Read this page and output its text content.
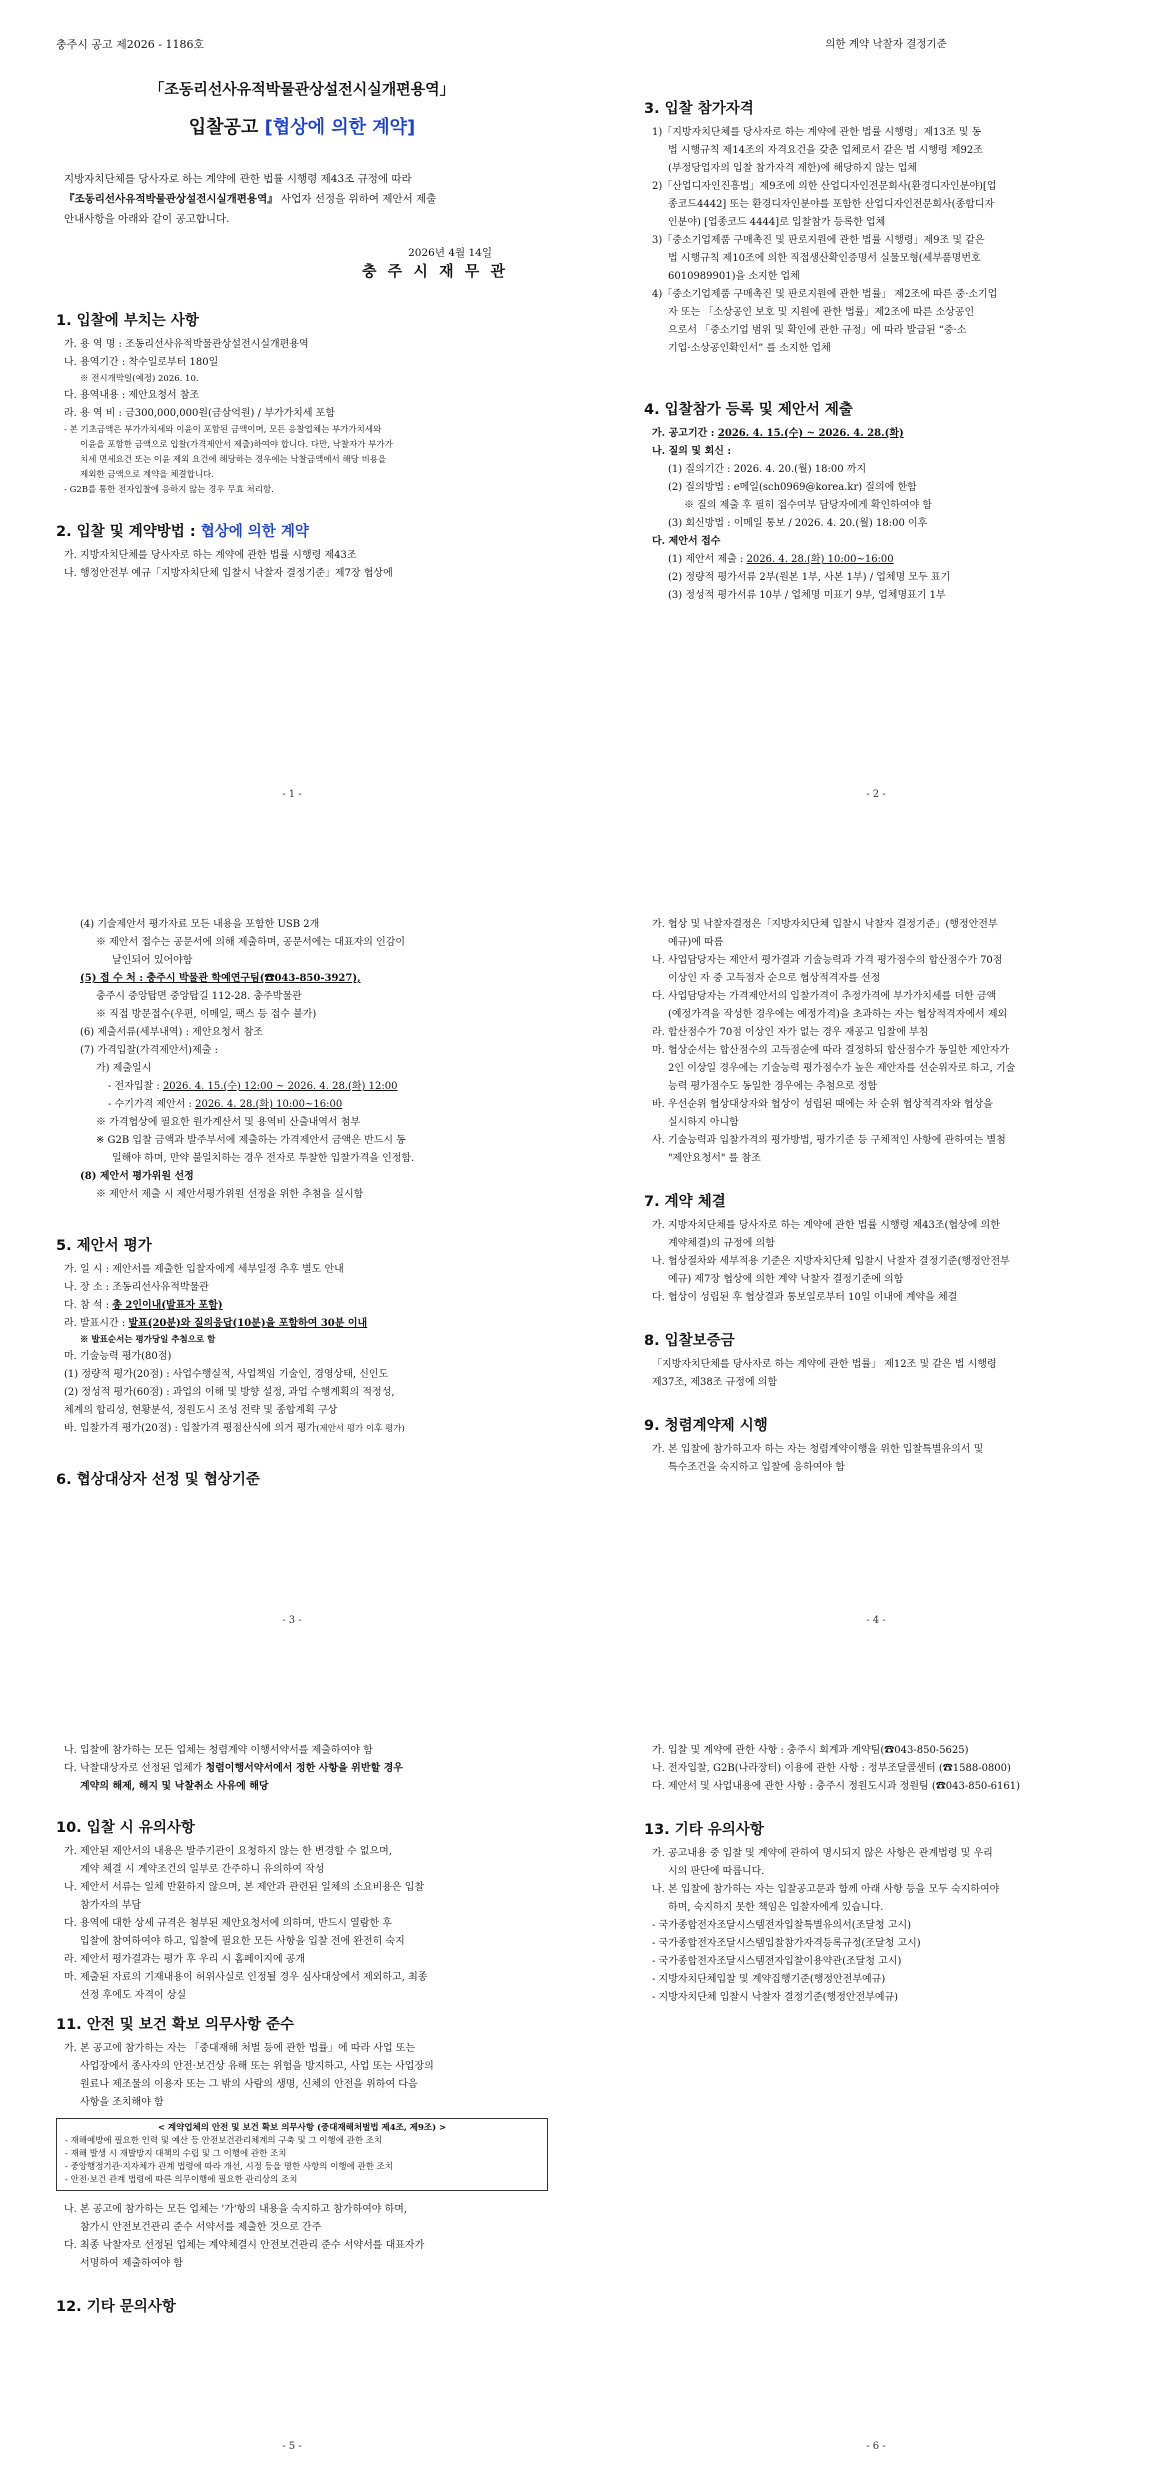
충주시 공고 제2026 - 1186호
「조동리선사유적박물관상설전시실개편용역」
입찰공고 [협상에 의한 계약]
지방자치단체를 당사자로 하는 계약에 관한 법률 시행령 제43조 규정에 따라
『조동리선사유적박물관상설전시실개편용역』 사업자 선정을 위하여 제안서 제출
안내사항을 아래와 같이 공고합니다.
2026년 4월 14일
충 주 시 재 무 관
1. 입찰에 부치는 사항
가. 용 역 명 : 조동리선사유적박물관상설전시실개편용역
나. 용역기간 : 착수일로부터 180일
※ 전시개막일(예정) 2026. 10.
다. 용역내용 : 제안요청서 참조
라. 용 역 비 : 금300,000,000원(금삼억원) / 부가가치세 포함
- 본 기초금액은 부가가치세와 이윤이 포함된 금액이며, 모든 응찰업체는 부가가치세와
이윤을 포함한 금액으로 입찰(가격제안서 제출)하여야 합니다. 다만, 낙찰자가 부가가
치세 면세요건 또는 이윤 제외 요건에 해당하는 경우에는 낙찰금액에서 해당 비용을
제외한 금액으로 계약을 체결합니다.
- G2B를 통한 전자입찰에 응하지 않는 경우 무효 처리함.
2. 입찰 및 계약방법 : 협상에 의한 계약
가. 지방자치단체를 당사자로 하는 계약에 관한 법률 시행령 제43조
나. 행정안전부 예규「지방자치단체 입찰시 낙찰자 결정기준」제7장 협상에
- 1 -
의한 계약 낙찰자 결정기준
3. 입찰 참가자격
1)「지방자치단체를 당사자로 하는 계약에 관한 법률 시행령」제13조 및 동
법 시행규칙 제14조의 자격요건을 갖춘 업체로서 같은 법 시행령 제92조
(부정당업자의 입찰 참가자격 제한)에 해당하지 않는 업체
2)「산업디자인진흥법」제9조에 의한 산업디자인전문회사(환경디자인분야)[업
종코드4442] 또는 환경디자인분야를 포함한 산업디자인전문회사(종합디자
인분야) [업종코드 4444]로 입찰참가 등록한 업체
3)「중소기업제품 구매촉진 및 판로지원에 관한 법률 시행령」제9조 및 같은
법 시행규칙 제10조에 의한 직접생산확인증명서 실물모형(세부품명번호
6010989901)을 소지한 업체
4)「중소기업제품 구매촉진 및 판로지원에 관한 법률」 제2조에 따른 중·소기업
자 또는 「소상공인 보호 및 지원에 관한 법률」제2조에 따른 소상공인
으로서 「중소기업 범위 및 확인에 관한 규정」에 따라 발급된 “중·소
기업·소상공인확인서” 를 소지한 업체
4. 입찰참가 등록 및 제안서 제출
가. 공고기간 : 2026. 4. 15.(수) ~ 2026. 4. 28.(화)
나. 질의 및 회신 :
(1) 질의기간 : 2026. 4. 20.(월) 18:00 까지
(2) 질의방법 : e메일(sch0969@korea.kr) 질의에 한함
※ 질의 제출 후 필히 접수여부 담당자에게 확인하여야 함
(3) 회신방법 : 이메일 통보 / 2026. 4. 20.(월) 18:00 이후
다. 제안서 접수
(1) 제안서 제출 : 2026. 4. 28.(화) 10:00~16:00
(2) 정량적 평가서류 2부(원본 1부, 사본 1부) / 업체명 모두 표기
(3) 정성적 평가서류 10부 / 업체명 미표기 9부, 업체명표기 1부
- 2 -
(4) 기술제안서 평가자료 모든 내용을 포함한 USB 2개
※ 제안서 접수는 공문서에 의해 제출하며, 공문서에는 대표자의 인감이
날인되어 있어야함
(5) 접 수 처 : 충주시 박물관 학예연구팀(☎043-850-3927),
충주시 중앙탑면 중앙탑길 112-28. 충주박물관
※ 직접 방문접수(우편, 이메일, 팩스 등 접수 불가)
(6) 제출서류(세부내역) : 제안요청서 참조
(7) 가격입찰(가격제안서)제출 :
가) 제출일시
- 전자입찰 : 2026. 4. 15.(수) 12:00 ~ 2026. 4. 28.(화) 12:00
- 수기가격 제안서 : 2026. 4. 28.(화) 10:00~16:00
※ 가격협상에 필요한 원가계산서 및 용역비 산출내역서 첨부
※ G2B 입찰 금액과 발주부서에 제출하는 가격제안서 금액은 반드시 동
일해야 하며, 만약 불일치하는 경우 전자로 투찰한 입찰가격을 인정함.
(8) 제안서 평가위원 선정
※ 제안서 제출 시 제안서평가위원 선정을 위한 추첨을 실시함
5. 제안서 평가
가. 일 시 : 제안서를 제출한 입찰자에게 세부일정 추후 별도 안내
나. 장 소 : 조동리선사유적박물관
다. 참 석 : 총 2인이내(발표자 포함)
라. 발표시간 : 발표(20분)와 질의응답(10분)을 포함하여 30분 이내
※ 발표순서는 평가당일 추첨으로 함
마. 기술능력 평가(80점)
(1) 정량적 평가(20점) : 사업수행실적, 사업책임 기술인, 경영상태, 신인도
(2) 정성적 평가(60점) : 과업의 이해 및 방향 설정, 과업 수행계획의 적정성,
체계의 합리성, 현황분석, 정원도시 조성 전략 및 종합계획 구상
바. 입찰가격 평가(20점) : 입찰가격 평점산식에 의거 평가(제안서 평가 이후 평가)
6. 협상대상자 선정 및 협상기준
- 3 -
가. 협상 및 낙찰자결정은「지방자치단체 입찰시 낙찰자 결정기준」(행정안전부
예규)에 따름
나. 사업담당자는 제안서 평가결과 기술능력과 가격 평가점수의 합산점수가 70점
이상인 자 중 고득점자 순으로 협상적격자를 선정
다. 사업담당자는 가격제안서의 입찰가격이 추정가격에 부가가치세를 더한 금액
(예정가격을 작성한 경우에는 예정가격)을 초과하는 자는 협상적격자에서 제외
라. 합산점수가 70점 이상인 자가 없는 경우 재공고 입찰에 부침
마. 협상순서는 합산점수의 고득점순에 따라 결정하되 합산점수가 동일한 제안자가
2인 이상일 경우에는 기술능력 평가점수가 높은 제안자를 선순위자로 하고, 기술
능력 평가점수도 동일한 경우에는 추첨으로 정함
바. 우선순위 협상대상자와 협상이 성립된 때에는 차 순위 협상적격자와 협상을
실시하지 아니함
사. 기술능력과 입찰가격의 평가방법, 평가기준 등 구체적인 사항에 관하여는 별첨
"제안요청서" 를 참조
7. 계약 체결
가. 지방자치단체를 당사자로 하는 계약에 관한 법률 시행령 제43조(협상에 의한
계약체결)의 규정에 의함
나. 협상절차와 세부적용 기준은 지방자치단체 입찰시 낙찰자 결정기준(행정안전부
예규) 제7장 협상에 의한 계약 낙찰자 결정기준에 의함
다. 협상이 성립된 후 협상결과 통보일로부터 10일 이내에 계약을 체결
8. 입찰보증금
「지방자치단체를 당사자로 하는 계약에 관한 법률」 제12조 및 같은 법 시행령
제37조, 제38조 규정에 의함
9. 청렴계약제 시행
가. 본 입찰에 참가하고자 하는 자는 청렴계약이행을 위한 입찰특별유의서 및
특수조건을 숙지하고 입찰에 응하여야 함
- 4 -
나. 입찰에 참가하는 모든 업체는 청렴계약 이행서약서를 제출하여야 함
다. 낙찰대상자로 선정된 업체가 청렴이행서약서에서 정한 사항을 위반할 경우
계약의 해제, 해지 및 낙찰취소 사유에 해당
10. 입찰 시 유의사항
가. 제안된 제안서의 내용은 발주기관이 요청하지 않는 한 변경할 수 없으며,
계약 체결 시 계약조건의 일부로 간주하니 유의하여 작성
나. 제안서 서류는 일체 반환하지 않으며, 본 제안과 관련된 일체의 소요비용은 입찰
참가자의 부담
다. 용역에 대한 상세 규격은 첨부된 제안요청서에 의하며, 반드시 열람한 후
입찰에 참여하여야 하고, 입찰에 필요한 모든 사항을 입찰 전에 완전히 숙지
라. 제안서 평가결과는 평가 후 우리 시 홈페이지에 공개
마. 제출된 자료의 기재내용이 허위사실로 인정될 경우 심사대상에서 제외하고, 최종
선정 후에도 자격이 상실
11. 안전 및 보건 확보 의무사항 준수
가. 본 공고에 참가하는 자는 「중대재해 처벌 등에 관한 법률」에 따라 사업 또는
사업장에서 종사자의 안전·보건상 유해 또는 위험을 방지하고, 사업 또는 사업장의
원료나 제조물의 이용자 또는 그 밖의 사람의 생명, 신체의 안전을 위하여 다음
사항을 조치해야 함
< 계약업체의 안전 및 보건 확보 의무사항 (중대재해처벌법 제4조, 제9조) >
- 재해예방에 필요한 인력 및 예산 등 안전보건관리체계의 구축 및 그 이행에 관한 조치
- 재해 발생 시 재발방지 대책의 수립 및 그 이행에 관한 조치
- 중앙행정기관·지자체가 관계 법령에 따라 개선, 시정 등을 명한 사항의 이행에 관한 조치
- 안전·보건 관계 법령에 따른 의무이행에 필요한 관리상의 조치
나. 본 공고에 참가하는 모든 업체는 '가'항의 내용을 숙지하고 참가하여야 하며,
참가시 안전보건관리 준수 서약서를 제출한 것으로 간주
다. 최종 낙찰자로 선정된 업체는 계약체결시 안전보건관리 준수 서약서를 대표자가
서명하여 제출하여야 함
12. 기타 문의사항
- 5 -
가. 입찰 및 계약에 관한 사항 : 충주시 회계과 계약팀(☎043-850-5625)
나. 전자입찰, G2B(나라장터) 이용에 관한 사항 : 정부조달콜센터 (☎1588-0800)
다. 제안서 및 사업내용에 관한 사항 : 충주시 정원도시과 정원팀 (☎043-850-6161)
13. 기타 유의사항
가. 공고내용 중 입찰 및 계약에 관하여 명시되지 않은 사항은 관계법령 및 우리
시의 판단에 따릅니다.
나. 본 입찰에 참가하는 자는 입찰공고문과 함께 아래 사항 등을 모두 숙지하여야
하며, 숙지하지 못한 책임은 입찰자에게 있습니다.
- 국가종합전자조달시스템전자입찰특별유의서(조달청 고시)
- 국가종합전자조달시스템입찰참가자격등록규정(조달청 고시)
- 국가종합전자조달시스템전자입찰이용약관(조달청 고시)
- 지방자치단체입찰 및 계약집행기준(행정안전부예규)
- 지방자치단체 입찰시 낙찰자 결정기준(행정안전부예규)
- 6 -
